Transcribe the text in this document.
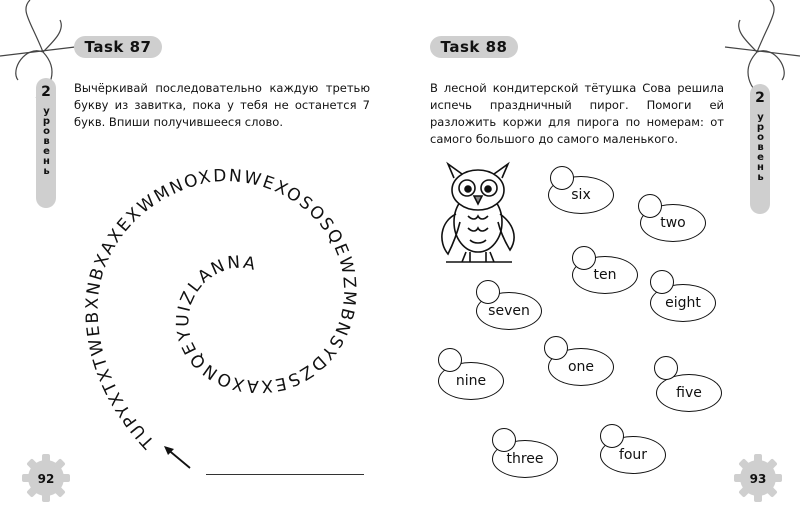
Task 87
2
уровень
Вычёркивай последовательно каждую третью букву из завитка, пока у тебя не останется 7 букв. Впиши получившееся слово.
TUPYXTXTWEBXNBXAXEXWMNOXDNWEXOSOSQEWZMBNSYDZSEXAXONQEYUIZLANNA
92
Task 88
2
уровень
В лесной кондитерской тётушка Сова решила испечь праздничный пирог. Помоги ей разложить коржи для пирога по номерам: от самого большого до самого маленького.
six
two
ten
eight
seven
one
nine
five
three	four
93
